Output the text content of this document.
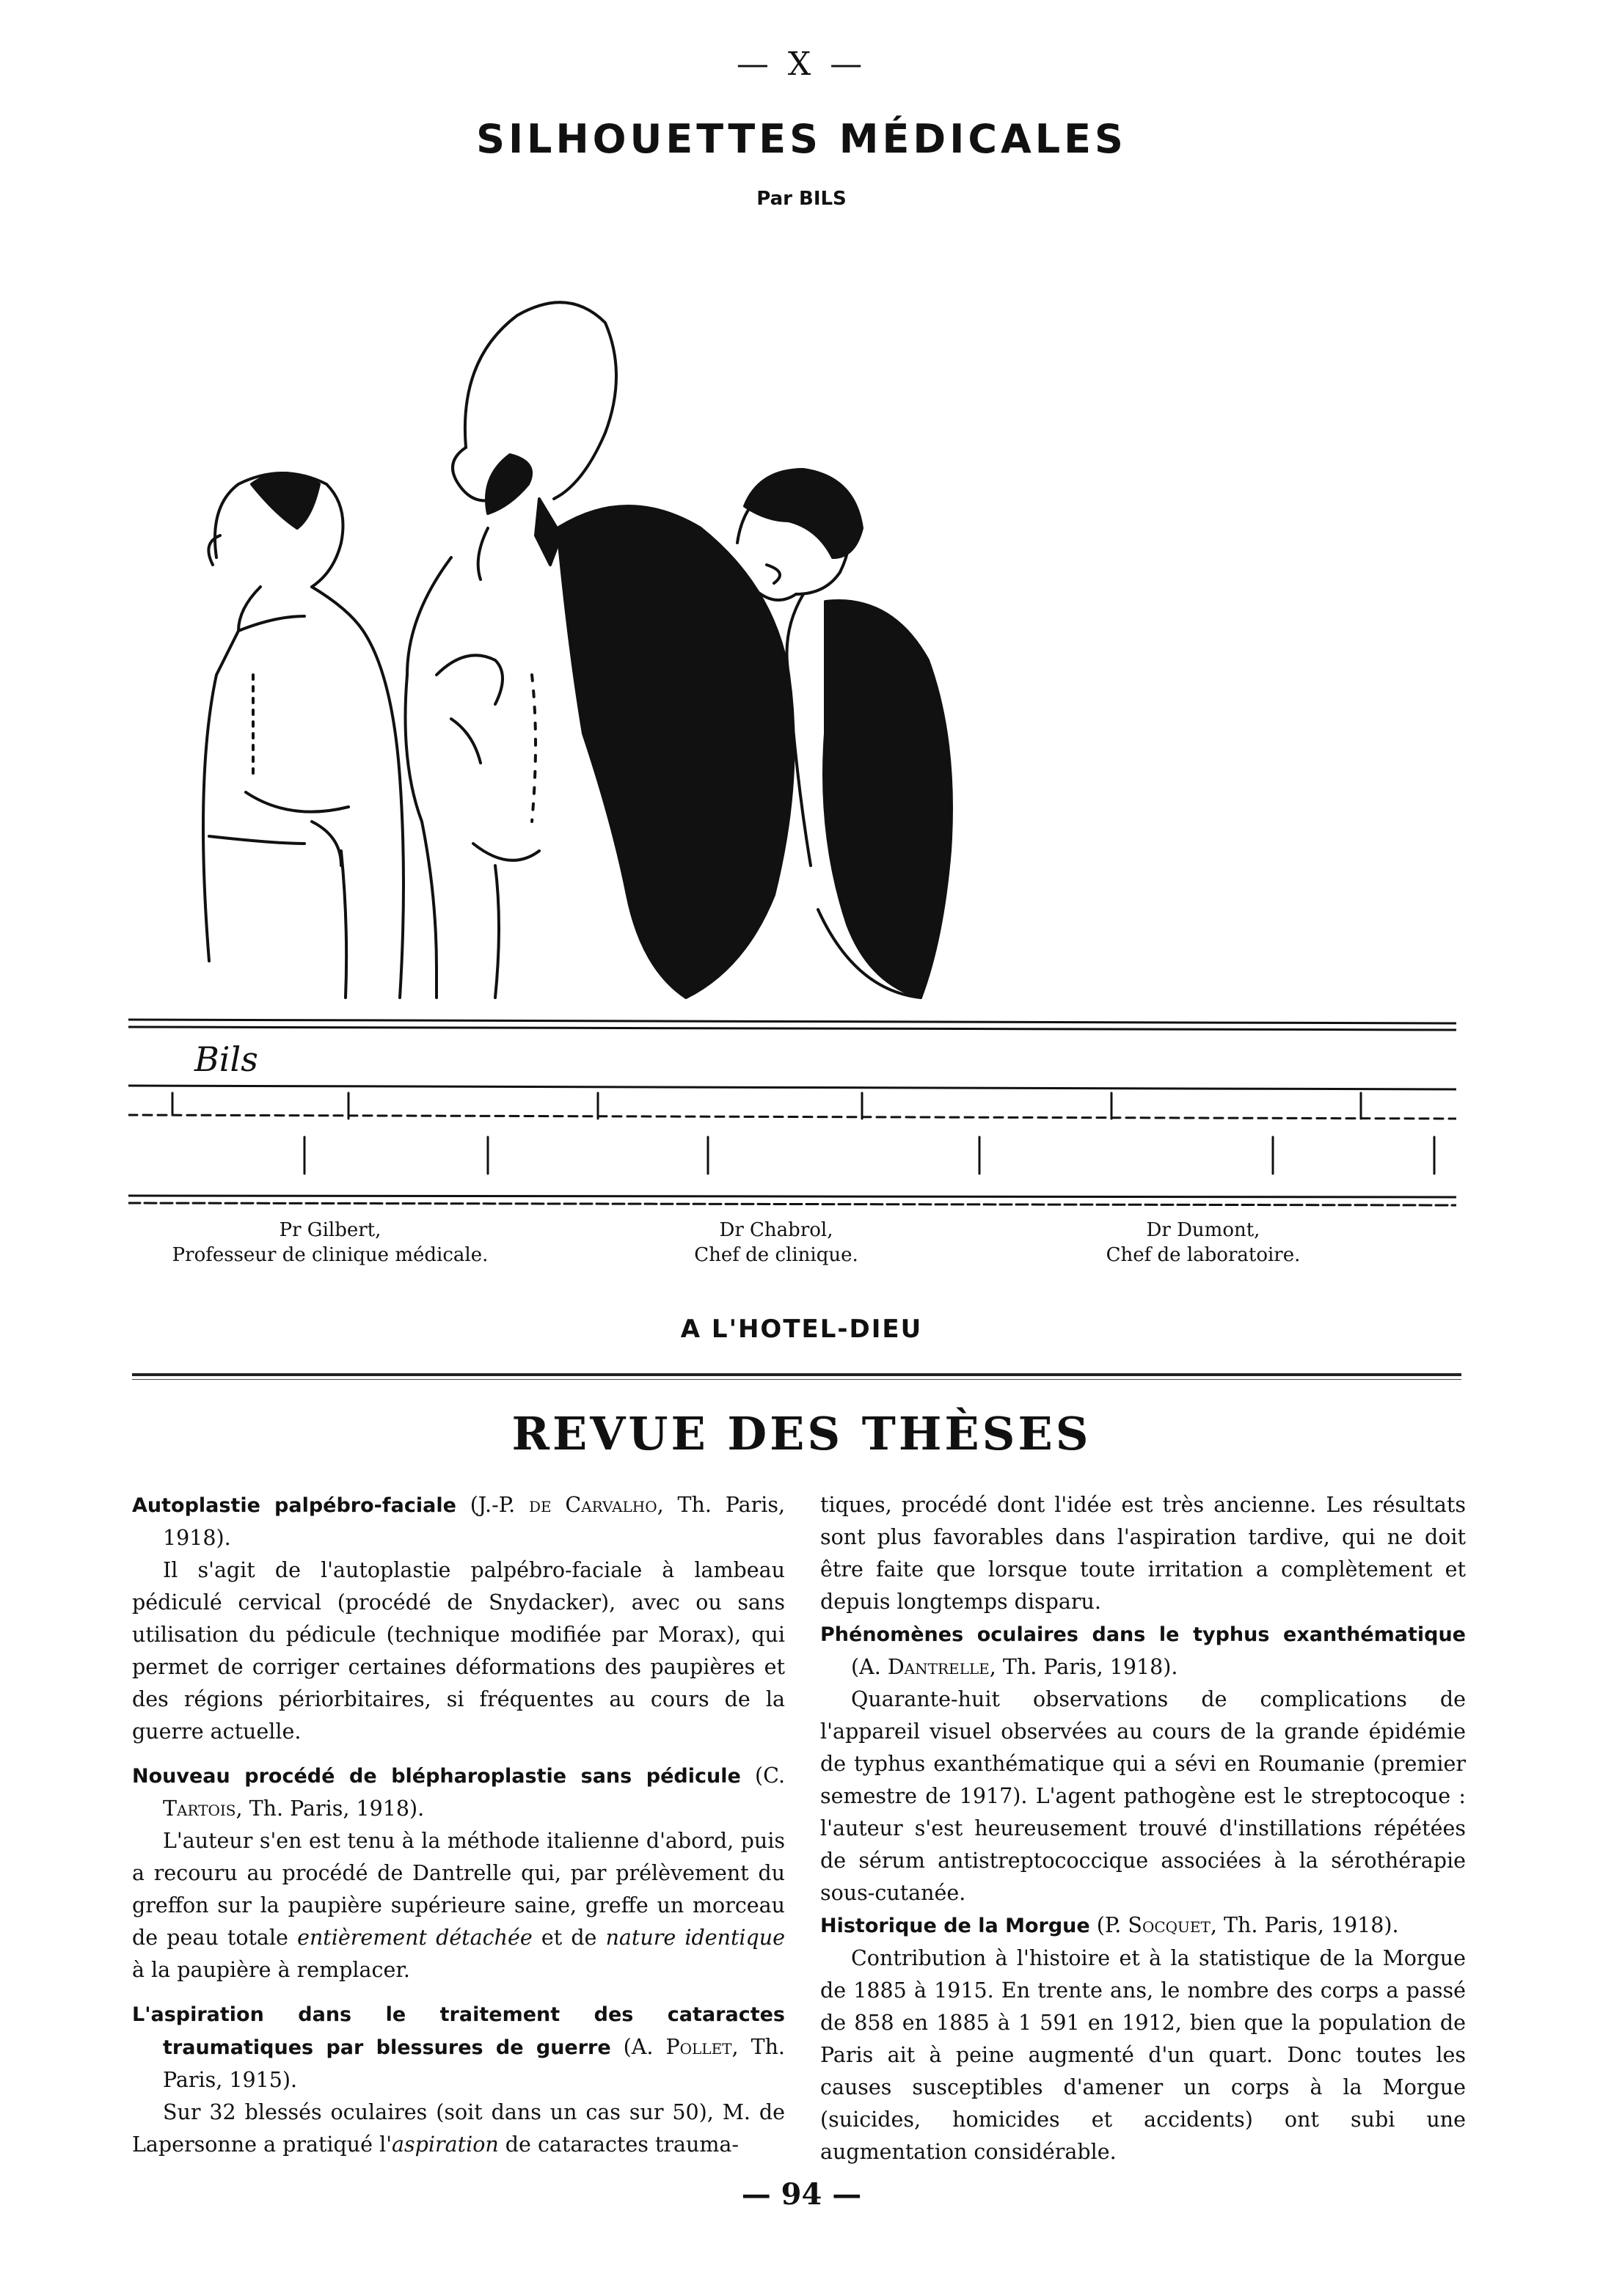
— X —
SILHOUETTES MÉDICALES
Par BILS
Bils
Pr Gilbert,
Professeur de clinique médicale.
Dr Chabrol,
Chef de clinique.
Dr Dumont,
Chef de laboratoire.
A L'HOTEL-DIEU
REVUE DES THÈSES

Autoplastie palpébro-faciale (J.-P. de Carvalho, Th. Paris, 1918).

Il s'agit de l'autoplastie palpébro-faciale à lambeau pédiculé cervical (procédé de Snydacker), avec ou sans utilisation du pédicule (technique modifiée par Morax), qui permet de corriger certaines déformations des paupières et des régions périorbitaires, si fréquentes au cours de la guerre actuelle.

Nouveau procédé de blépharoplastie sans pédicule (C. Tartois, Th. Paris, 1918).

L'auteur s'en est tenu à la méthode italienne d'abord, puis a recouru au procédé de Dantrelle qui, par prélèvement du greffon sur la paupière supérieure saine, greffe un morceau de peau totale entièrement détachée et de nature identique à la paupière à remplacer.

L'aspiration dans le traitement des cataractes traumatiques par blessures de guerre (A. Pollet, Th. Paris, 1915).

Sur 32 blessés oculaires (soit dans un cas sur 50), M. de Lapersonne a pratiqué l'aspiration de cataractes trauma-

tiques, procédé dont l'idée est très ancienne. Les résultats sont plus favorables dans l'aspiration tardive, qui ne doit être faite que lorsque toute irritation a complètement et depuis longtemps disparu.

Phénomènes oculaires dans le typhus exanthématique (A. Dantrelle, Th. Paris, 1918).

Quarante-huit observations de complications de l'appareil visuel observées au cours de la grande épidémie de typhus exanthématique qui a sévi en Roumanie (premier semestre de 1917). L'agent pathogène est le streptocoque : l'auteur s'est heureusement trouvé d'instillations répétées de sérum antistreptococcique associées à la sérothérapie sous-cutanée.

Historique de la Morgue (P. Socquet, Th. Paris, 1918).

Contribution à l'histoire et à la statistique de la Morgue de 1885 à 1915. En trente ans, le nombre des corps a passé de 858 en 1885 à 1 591 en 1912, bien que la population de Paris ait à peine augmenté d'un quart. Donc toutes les causes susceptibles d'amener un corps à la Morgue (suicides, homicides et accidents) ont subi une augmentation considérable.

— 94 —
